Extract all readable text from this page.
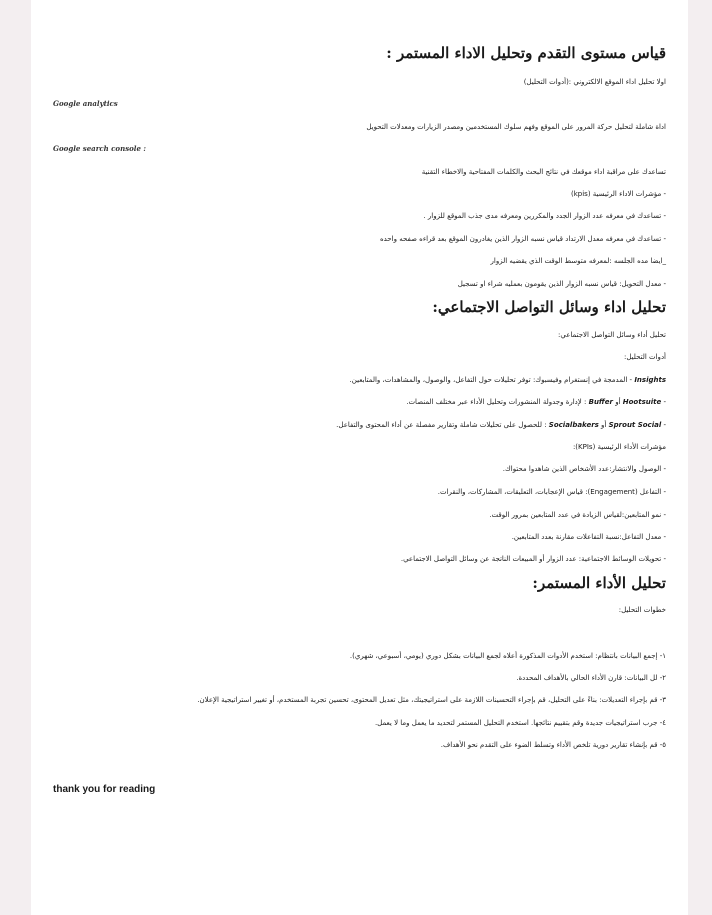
قياس مستوى التقدم وتحليل الاداء المستمر :
اولا تحليل اداء الموقع الالكتروني :(أدوات التحليل)
Google analytics
اداة شاملة لتحليل حركة المرور على الموقع وفهم سلوك المستخدمين ومصدر الزيارات ومعدلات التحويل
Google search console :
تساعدك على مراقبة اداء موقعك في نتائج البحث والكلمات المفتاحية والاخطاء التقنية
- مؤشرات الاداء الرئيسية (kpis)
- تساعدك في معرفه عدد الزوار الجدد والمكررين ومعرفه مدى جذب الموقع للزوار .
- تساعدك في معرفه معدل الارتداد قياس نسبه الزوار الذين يغادرون الموقع بعد قراءه صفحه واحده
_ايضا مده الجلسه :لمعرفه متوسط الوقت الذي يقضيه الزوار
- معدل التحويل: قياس نسبه الزوار الذين يقومون بعمليه شراء او تسجيل
تحليل اداء وسائل التواصل الاجتماعي:
تحليل أداء وسائل التواصل الاجتماعي:
أدوات التحليل:
Insights - المدمجة في إنستغرام وفيسبوك: توفر تحليلات حول التفاعل، والوصول، والمشاهدات، والمتابعين.
- Hootsuite أو Buffer : لإدارة وجدولة المنشورات وتحليل الأداء عبر مختلف المنصات.
- Sprout Social أو Socialbakers : للحصول على تحليلات شاملة وتقارير مفصلة عن أداء المحتوى والتفاعل.
مؤشرات الأداء الرئيسية (KPIs):
- الوصول والانتشار:عدد الأشخاص الذين شاهدوا محتواك.
- التفاعل (Engagement): قياس الإعجابات، التعليقات، المشاركات، والنقرات.
- نمو المتابعين:لقياس الزيادة في عدد المتابعين بمرور الوقت.
- معدل التفاعل:نسبة التفاعلات مقارنة بعدد المتابعين.
- تحويلات الوسائط الاجتماعية: عدد الزوار أو المبيعات الناتجة عن وسائل التواصل الاجتماعي.
تحليل الأداء المستمر:
خطوات التحليل:
١- إجمع البيانات بانتظام: استخدم الأدوات المذكورة أعلاه لجمع البيانات بشكل دوري (يومي، أسبوعي، شهري).
٢- لل البيانات: قارن الأداء الحالي بالأهداف المحددة.
٣- قم بإجراء التعديلات: بناءً على التحليل، قم بإجراء التحسينات اللازمة على استراتيجيتك، مثل تعديل المحتوى، تحسين تجربة المستخدم، أو تغيير استراتيجية الإعلان.
٤- جرب استراتيجيات جديدة وقم بتقييم نتائجها. استخدم التحليل المستمر لتحديد ما يعمل وما لا يعمل.
٥- قم بإنشاء تقارير دورية تلخص الأداء وتسلط الضوء على التقدم نحو الأهداف.
thank you for reading
